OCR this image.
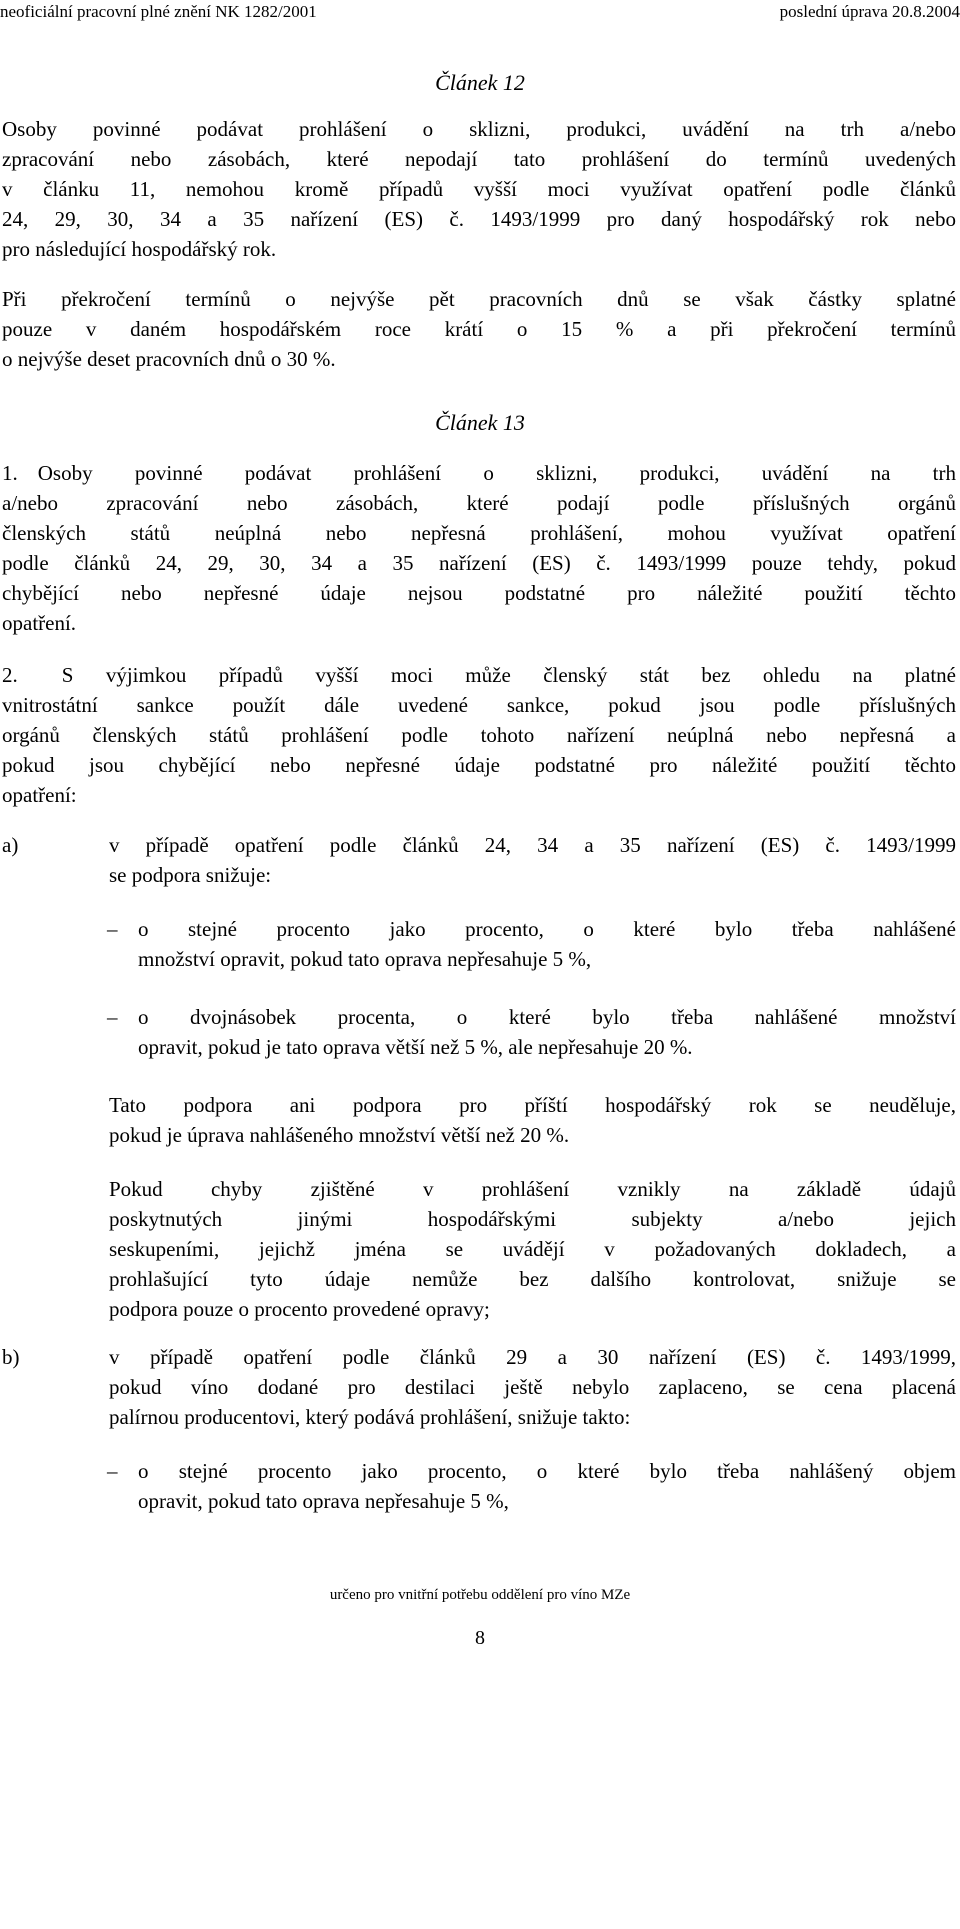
neoficiální pracovní plné znění NK 1282/2001	poslední úprava 20.8.2004
Článek 12
Osoby povinné podávat prohlášení o sklizni, produkci, uvádění na trh a/nebo
zpracování nebo zásobách, které nepodají tato prohlášení do termínů uvedených
v článku 11, nemohou kromě případů vyšší moci využívat opatření podle článků
24, 29, 30, 34 a 35 nařízení (ES) č. 1493/1999 pro daný hospodářský rok nebo
pro následující hospodářský rok.
Při překročení termínů o nejvýše pět pracovních dnů se však částky splatné
pouze v daném hospodářském roce krátí o 15 % a při překročení termínů
o nejvýše deset pracovních dnů o 30 %.
Článek 13
1. Osoby povinné podávat prohlášení o sklizni, produkci, uvádění na trh
a/nebo zpracování nebo zásobách, které podají podle příslušných orgánů
členských států neúplná nebo nepřesná prohlášení, mohou využívat opatření
podle článků 24, 29, 30, 34 a 35 nařízení (ES) č. 1493/1999 pouze tehdy, pokud
chybějící nebo nepřesné údaje nejsou podstatné pro náležité použití těchto
opatření.
2. S výjimkou případů vyšší moci může členský stát bez ohledu na platné
vnitrostátní sankce použít dále uvedené sankce, pokud jsou podle příslušných
orgánů členských států prohlášení podle tohoto nařízení neúplná nebo nepřesná a
pokud jsou chybějící nebo nepřesné údaje podstatné pro náležité použití těchto
opatření:
a)	v případě opatření podle článků 24, 34 a 35 nařízení (ES) č. 1493/1999
se podpora snižuje:
– o stejné procento jako procento, o které bylo třeba nahlášené
množství opravit, pokud tato oprava nepřesahuje 5 %,
– o dvojnásobek procenta, o které bylo třeba nahlášené množství
opravit, pokud je tato oprava větší než 5 %, ale nepřesahuje 20 %.
Tato podpora ani podpora pro příští hospodářský rok se neuděluje,
pokud je úprava nahlášeného množství větší než 20 %.
Pokud chyby zjištěné v prohlášení vznikly na základě údajů
poskytnutých jinými hospodářskými subjekty a/nebo jejich
seskupeními, jejichž jména se uvádějí v požadovaných dokladech, a
prohlašující tyto údaje nemůže bez dalšího kontrolovat, snižuje se
podpora pouze o procento provedené opravy;
b)	v případě opatření podle článků 29 a 30 nařízení (ES) č. 1493/1999,
pokud víno dodané pro destilaci ještě nebylo zaplaceno, se cena placená
palírnou producentovi, který podává prohlášení, snižuje takto:
– o stejné procento jako procento, o které bylo třeba nahlášený objem
opravit, pokud tato oprava nepřesahuje 5 %,
určeno pro vnitřní potřebu oddělení pro víno MZe
8
